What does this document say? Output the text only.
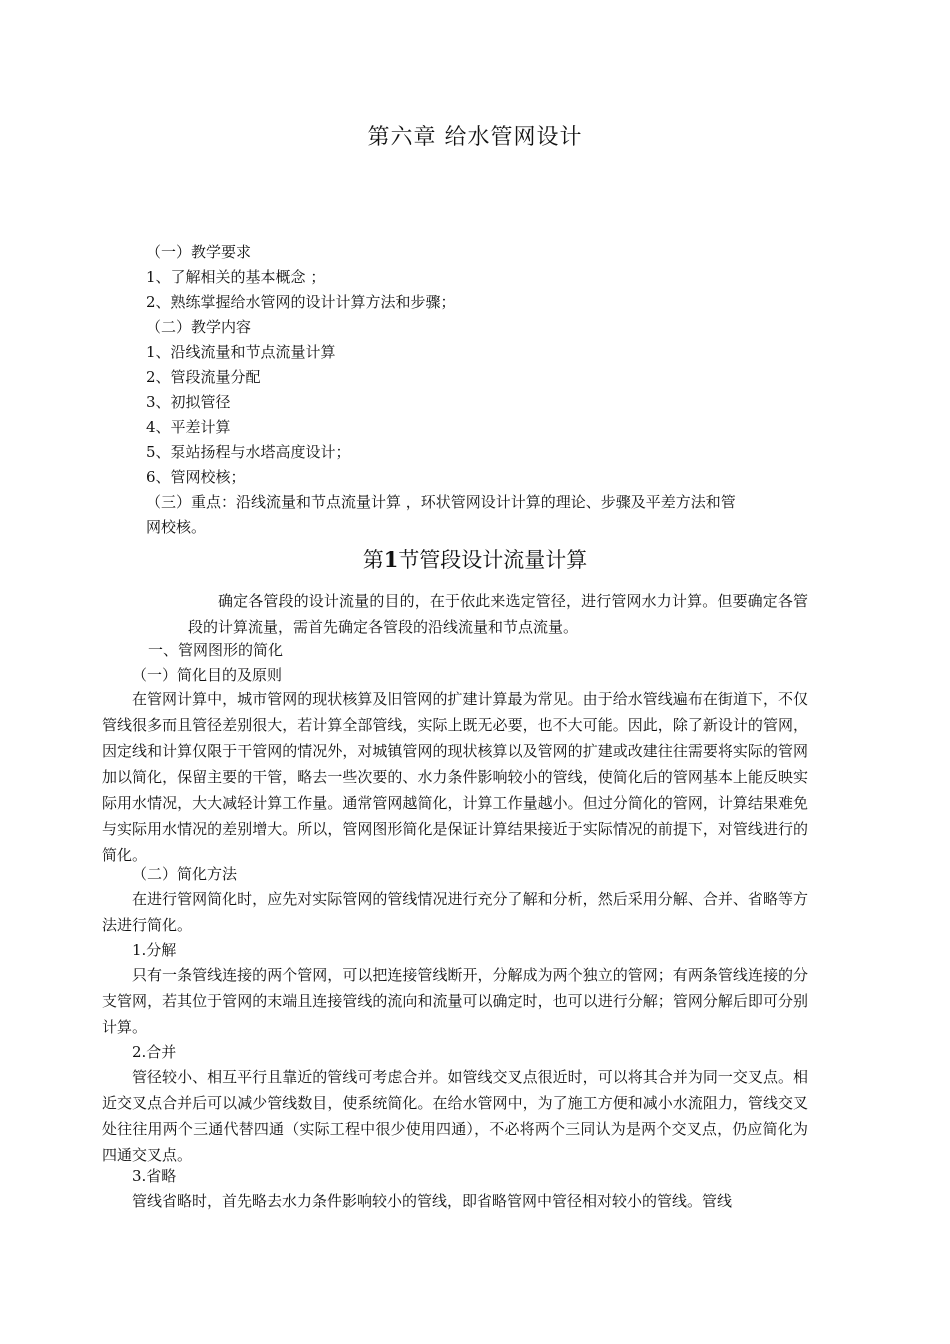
第六章 给水管网设计
（一）教学要求
1、了解相关的基本概念 ；
2、熟练掌握给水管网的设计计算方法和步骤；
（二）教学内容
1、沿线流量和节点流量计算
2、管段流量分配
3、初拟管径
4、平差计算
5、泵站扬程与水塔高度设计；
6、管网校核；
（三）重点：沿线流量和节点流量计算 ，环状管网设计计算的理论、步骤及平差方法和管
网校核。
第1节管段设计流量计算

确定各管段的设计流量的目的，在于依此来选定管径，进行管网水力计算。但要确定各管段的计算流量，需首先确定各管段的沿线流量和节点流量。

一、管网图形的简化
（一）简化目的及原则

在管网计算中，城市管网的现状核算及旧管网的扩建计算最为常见。由于给水管线遍布在街道下，不仅管线很多而且管径差别很大，若计算全部管线，实际上既无必要，也不大可能。因此，除了新设计的管网，因定线和计算仅限于干管网的情况外，对城镇管网的现状核算以及管网的扩建或改建往往需要将实际的管网加以简化，保留主要的干管，略去一些次要的、水力条件影响较小的管线，使简化后的管网基本上能反映实际用水情况，大大减轻计算工作量。通常管网越简化，计算工作量越小。但过分简化的管网，计算结果难免与实际用水情况的差别增大。所以，管网图形简化是保证计算结果接近于实际情况的前提下，对管线进行的简化。

（二）简化方法

在进行管网简化时，应先对实际管网的管线情况进行充分了解和分析，然后采用分解、合并、省略等方法进行简化。

1.分解

只有一条管线连接的两个管网，可以把连接管线断开，分解成为两个独立的管网；有两条管线连接的分支管网，若其位于管网的末端且连接管线的流向和流量可以确定时，也可以进行分解；管网分解后即可分别计算。

2.合并

管径较小、相互平行且靠近的管线可考虑合并。如管线交叉点很近时，可以将其合并为同一交叉点。相近交叉点合并后可以减少管线数目，使系统简化。在给水管网中，为了施工方便和减小水流阻力，管线交叉处往往用两个三通代替四通（实际工程中很少使用四通），不必将两个三同认为是两个交叉点，仍应简化为四通交叉点。

3.省略

管线省略时，首先略去水力条件影响较小的管线，即省略管网中管径相对较小的管线。管线
